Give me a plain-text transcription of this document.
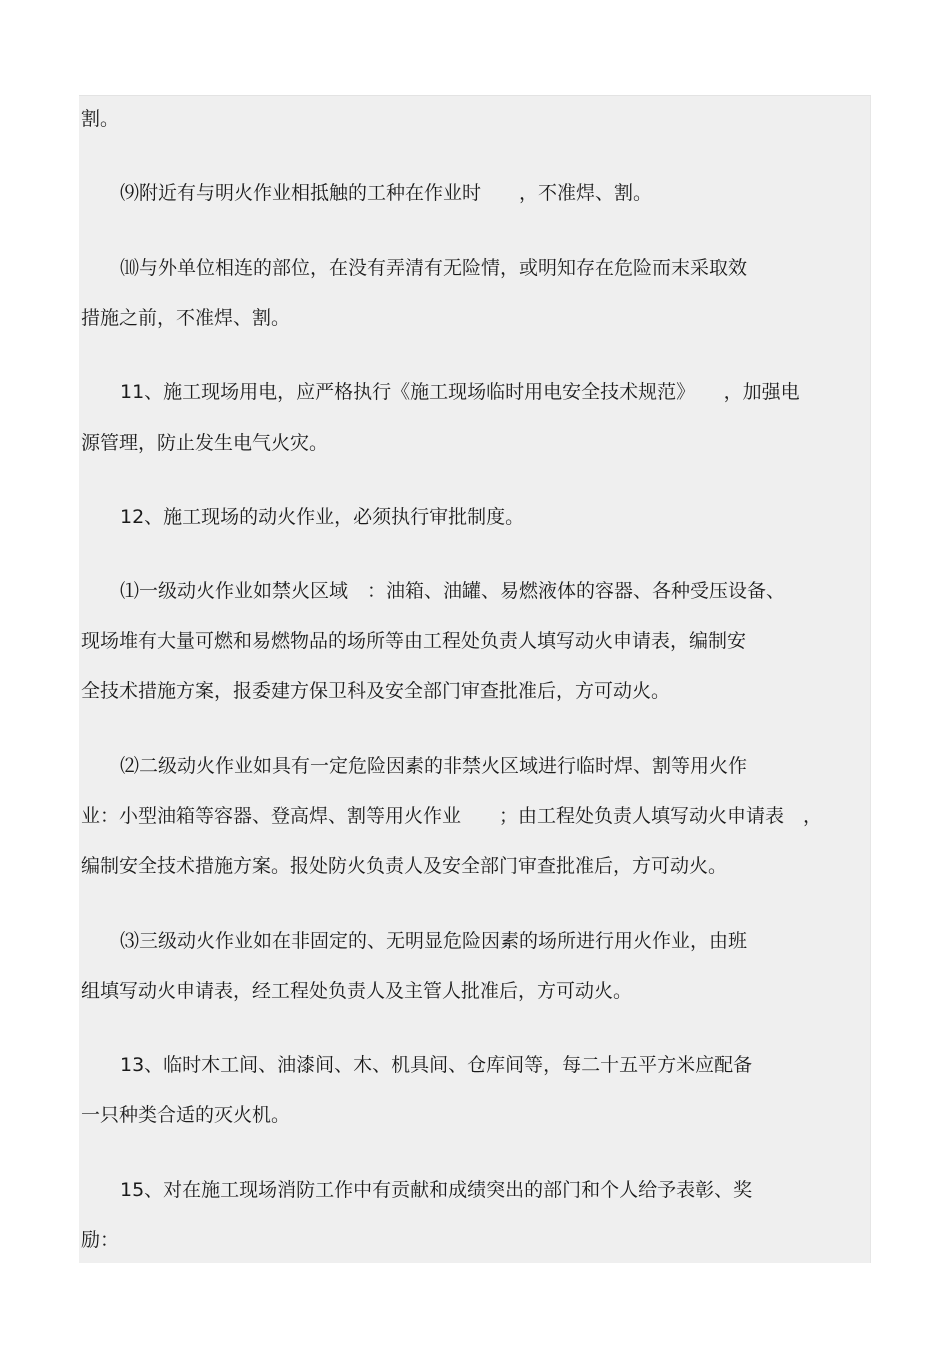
割。

⑼附近有与明火作业相抵触的工种在作业时　　，不准焊、割。

⑽与外单位相连的部位，在没有弄清有无险情，或明知存在危险而末采取效

措施之前，不准焊、割。

11、施工现场用电，应严格执行《施工现场临时用电安全技术规范》　　，加强电

源管理，防止发生电气火灾。

12、施工现场的动火作业，必须执行审批制度。

⑴一级动火作业如禁火区域　：油箱、油罐、易燃液体的容器、各种受压设备、

现场堆有大量可燃和易燃物品的场所等由工程处负责人填写动火申请表，编制安

全技术措施方案，报委建方保卫科及安全部门审查批准后，方可动火。

⑵二级动火作业如具有一定危险因素的非禁火区域进行临时焊、割等用火作

业：小型油箱等容器、登高焊、割等用火作业　　；由工程处负责人填写动火申请表　，

编制安全技术措施方案。报处防火负责人及安全部门审查批准后，方可动火。

⑶三级动火作业如在非固定的、无明显危险因素的场所进行用火作业，由班

组填写动火申请表，经工程处负责人及主管人批准后，方可动火。

13、临时木工间、油漆间、木、机具间、仓库间等，每二十五平方米应配备

一只种类合适的灭火机。

15、对在施工现场消防工作中有贡献和成绩突出的部门和个人给予表彰、奖

励：
